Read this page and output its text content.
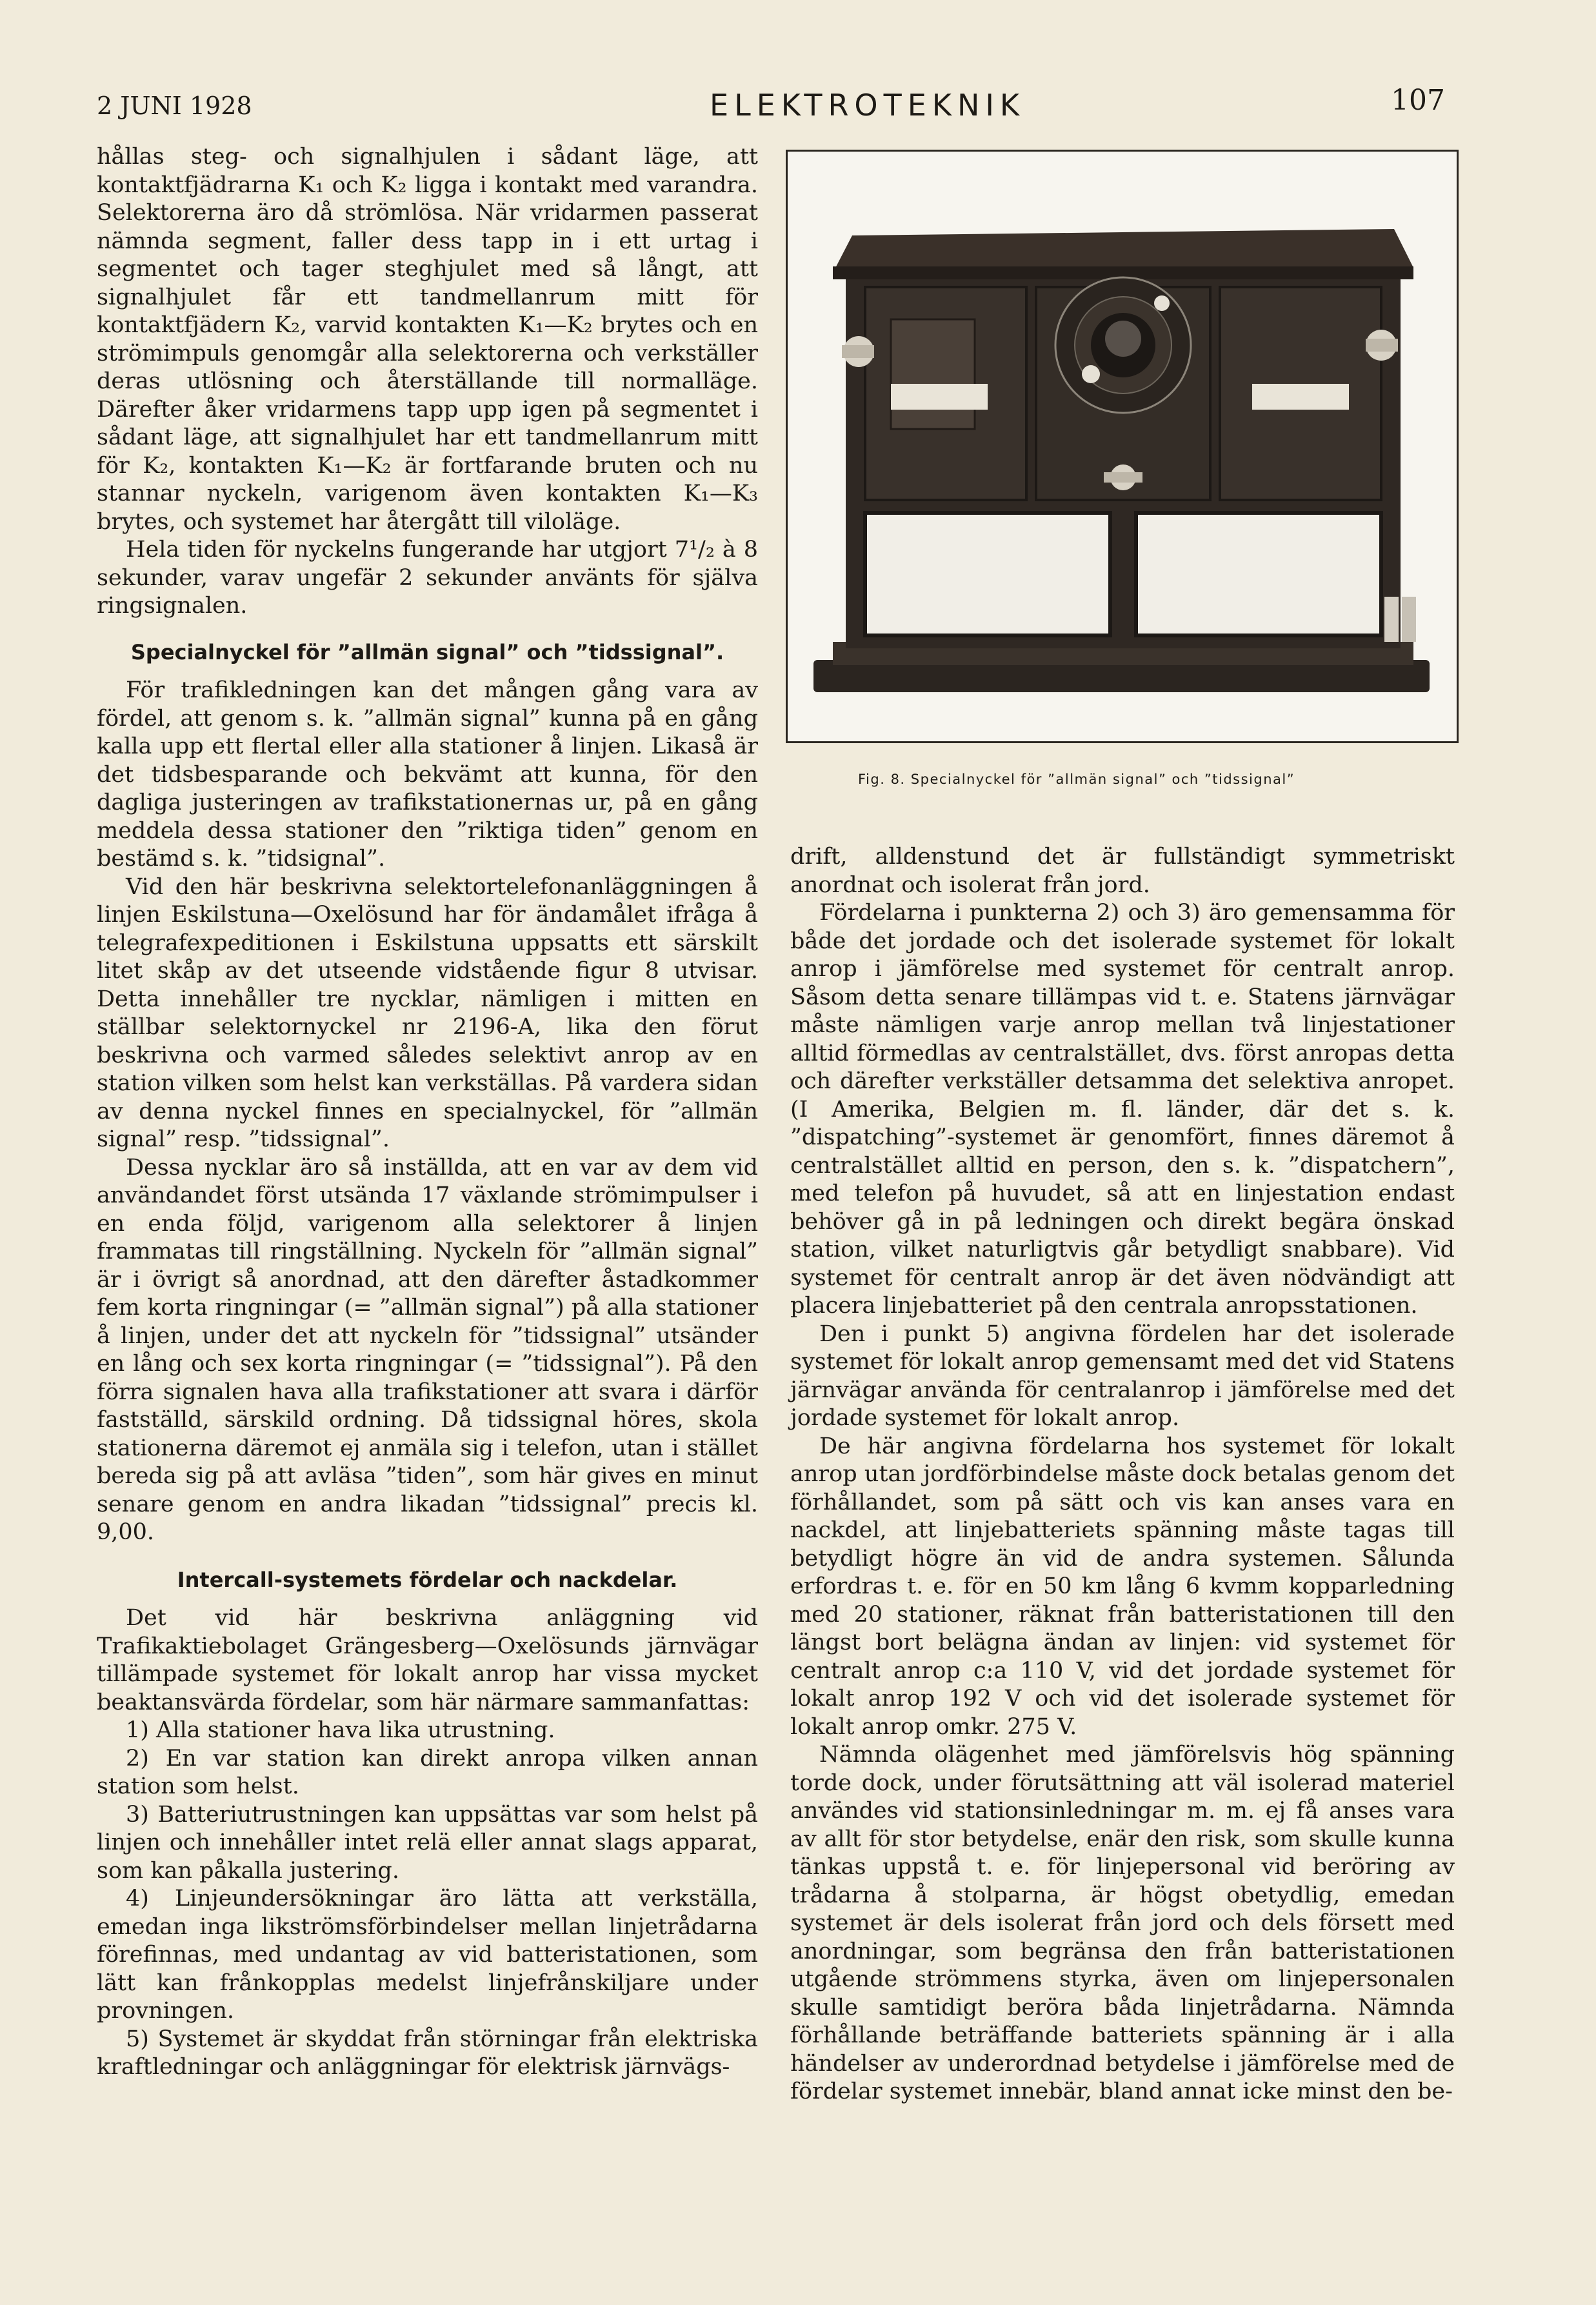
2 JUNI 1928	ELEKTROTEKNIK	107

hållas steg- och signalhjulen i sådant läge, att kontaktfjädrarna K₁ och K₂ ligga i kontakt med varandra. Selektorerna äro då strömlösa. När vridarmen passerat nämnda segment, faller dess tapp in i ett urtag i segmentet och tager steghjulet med så långt, att signalhjulet får ett tandmellanrum mitt för kontaktfjädern K₂, varvid kontakten K₁—K₂ brytes och en strömimpuls genomgår alla selektorerna och verkställer deras utlösning och återställande till normalläge. Därefter åker vridarmens tapp upp igen på segmentet i sådant läge, att signalhjulet har ett tandmellanrum mitt för K₂, kontakten K₁—K₂ är fortfarande bruten och nu stannar nyckeln, varigenom även kontakten K₁—K₃ brytes, och systemet har återgått till viloläge.

Hela tiden för nyckelns fungerande har utgjort 7¹/₂ à 8 sekunder, varav ungefär 2 sekunder använts för själva ringsignalen.

Specialnyckel för ”allmän signal” och ”tidssignal”.

För trafikledningen kan det mången gång vara av fördel, att genom s. k. ”allmän signal” kunna på en gång kalla upp ett flertal eller alla stationer å linjen. Likaså är det tidsbesparande och bekvämt att kunna, för den dagliga justeringen av trafikstationernas ur, på en gång meddela dessa stationer den ”riktiga tiden” genom en bestämd s. k. ”tidsignal”.

Vid den här beskrivna selektortelefonanläggningen å linjen Eskilstuna—Oxelösund har för ändamålet ifråga å telegrafexpeditionen i Eskilstuna uppsatts ett särskilt litet skåp av det utseende vidstående figur 8 utvisar. Detta innehåller tre nycklar, nämligen i mitten en ställbar selektornyckel nr 2196-A, lika den förut beskrivna och varmed således selektivt anrop av en station vilken som helst kan verkställas. På vardera sidan av denna nyckel finnes en specialnyckel, för ”allmän signal” resp. ”tidssignal”.

Dessa nycklar äro så inställda, att en var av dem vid användandet först utsända 17 växlande strömimpulser i en enda följd, varigenom alla selektorer å linjen frammatas till ringställning. Nyckeln för ”allmän signal” är i övrigt så anordnad, att den därefter åstadkommer fem korta ringningar (= ”allmän signal”) på alla stationer å linjen, under det att nyckeln för ”tidssignal” utsänder en lång och sex korta ringningar (= ”tidssignal”). På den förra signalen hava alla trafikstationer att svara i därför fastställd, särskild ordning. Då tidssignal höres, skola stationerna däremot ej anmäla sig i telefon, utan i stället bereda sig på att avläsa ”tiden”, som här gives en minut senare genom en andra likadan ”tidssignal” precis kl. 9,00.

Intercall-systemets fördelar och nackdelar.

Det vid här beskrivna anläggning vid Trafikaktiebolaget Grängesberg—Oxelösunds järnvägar tillämpade systemet för lokalt anrop har vissa mycket beaktansvärda fördelar, som här närmare sammanfattas:

1) Alla stationer hava lika utrustning.

2) En var station kan direkt anropa vilken annan station som helst.

3) Batteriutrustningen kan uppsättas var som helst på linjen och innehåller intet relä eller annat slags apparat, som kan påkalla justering.

4) Linjeundersökningar äro lätta att verkställa, emedan inga likströmsförbindelser mellan linjetrådarna förefinnas, med undantag av vid batteristationen, som lätt kan frånkopplas medelst linjefrånskiljare under provningen.

5) Systemet är skyddat från störningar från elektriska kraftledningar och anläggningar för elektrisk järnvägs-

Fig. 8. Specialnyckel för ”allmän signal” och ”tidssignal”

drift, alldenstund det är fullständigt symmetriskt anordnat och isolerat från jord.

Fördelarna i punkterna 2) och 3) äro gemensamma för både det jordade och det isolerade systemet för lokalt anrop i jämförelse med systemet för centralt anrop. Såsom detta senare tillämpas vid t. e. Statens järnvägar måste nämligen varje anrop mellan två linjestationer alltid förmedlas av centralstället, dvs. först anropas detta och därefter verkställer detsamma det selektiva anropet. (I Amerika, Belgien m. fl. länder, där det s. k. ”dispatching”-systemet är genomfört, finnes däremot å centralstället alltid en person, den s. k. ”dispatchern”, med telefon på huvudet, så att en linjestation endast behöver gå in på ledningen och direkt begära önskad station, vilket naturligtvis går betydligt snabbare). Vid systemet för centralt anrop är det även nödvändigt att placera linjebatteriet på den centrala anropsstationen.

Den i punkt 5) angivna fördelen har det isolerade systemet för lokalt anrop gemensamt med det vid Statens järnvägar använda för centralanrop i jämförelse med det jordade systemet för lokalt anrop.

De här angivna fördelarna hos systemet för lokalt anrop utan jordförbindelse måste dock betalas genom det förhållandet, som på sätt och vis kan anses vara en nackdel, att linjebatteriets spänning måste tagas till betydligt högre än vid de andra systemen. Sålunda erfordras t. e. för en 50 km lång 6 kvmm kopparledning med 20 stationer, räknat från batteristationen till den längst bort belägna ändan av linjen: vid systemet för centralt anrop c:a 110 V, vid det jordade systemet för lokalt anrop 192 V och vid det isolerade systemet för lokalt anrop omkr. 275 V.

Nämnda olägenhet med jämförelsvis hög spänning torde dock, under förutsättning att väl isolerad materiel användes vid stationsinledningar m. m. ej få anses vara av allt för stor betydelse, enär den risk, som skulle kunna tänkas uppstå t. e. för linjepersonal vid beröring av trådarna å stolparna, är högst obetydlig, emedan systemet är dels isolerat från jord och dels försett med anordningar, som begränsa den från batteristationen utgående strömmens styrka, även om linjepersonalen skulle samtidigt beröra båda linjetrådarna. Nämnda förhållande beträffande batteriets spänning är i alla händelser av underordnad betydelse i jämförelse med de fördelar systemet innebär, bland annat icke minst den be-
